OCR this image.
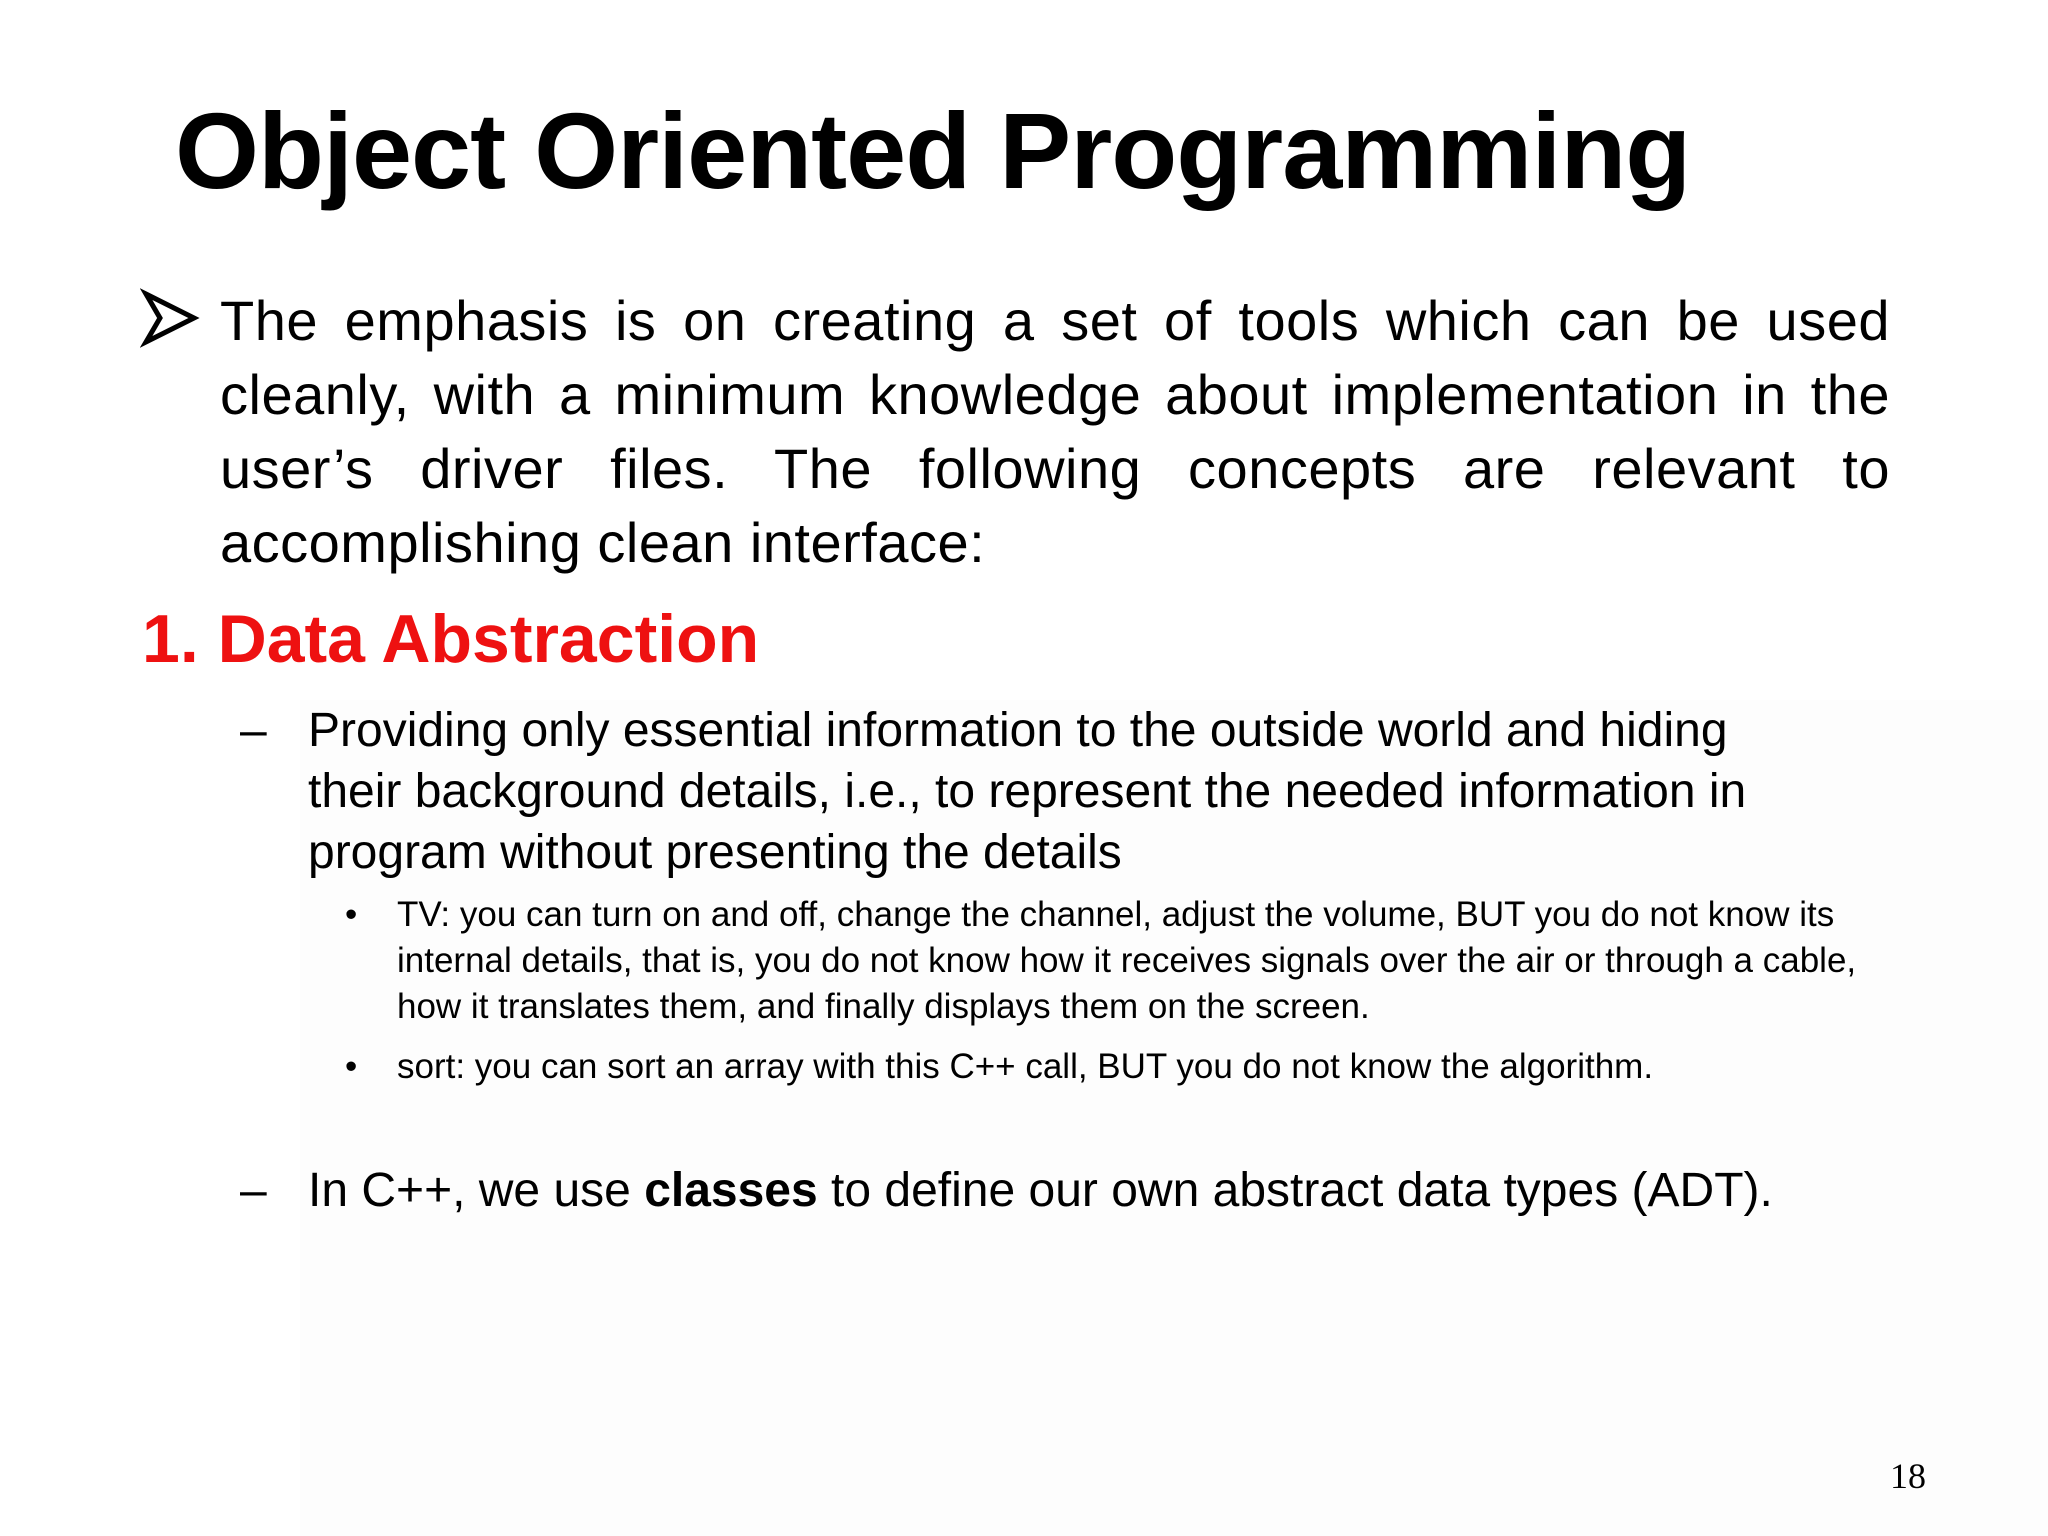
Object Oriented Programming
The emphasis is on creating a set of tools which can be used cleanly, with a minimum knowledge about implementation in the user’s driver files. The following concepts are relevant to accomplishing clean interface:
1. Data Abstraction
– Providing only essential information to the outside world and hiding their background details, i.e., to represent the needed information in program without presenting the details
• TV: you can turn on and off, change the channel, adjust the volume, BUT you do not know its internal details, that is, you do not know how it receives signals over the air or through a cable, how it translates them, and finally displays them on the screen.
• sort: you can sort an array with this C++ call, BUT you do not know the algorithm.
– In C++, we use classes to define our own abstract data types (ADT).
18
